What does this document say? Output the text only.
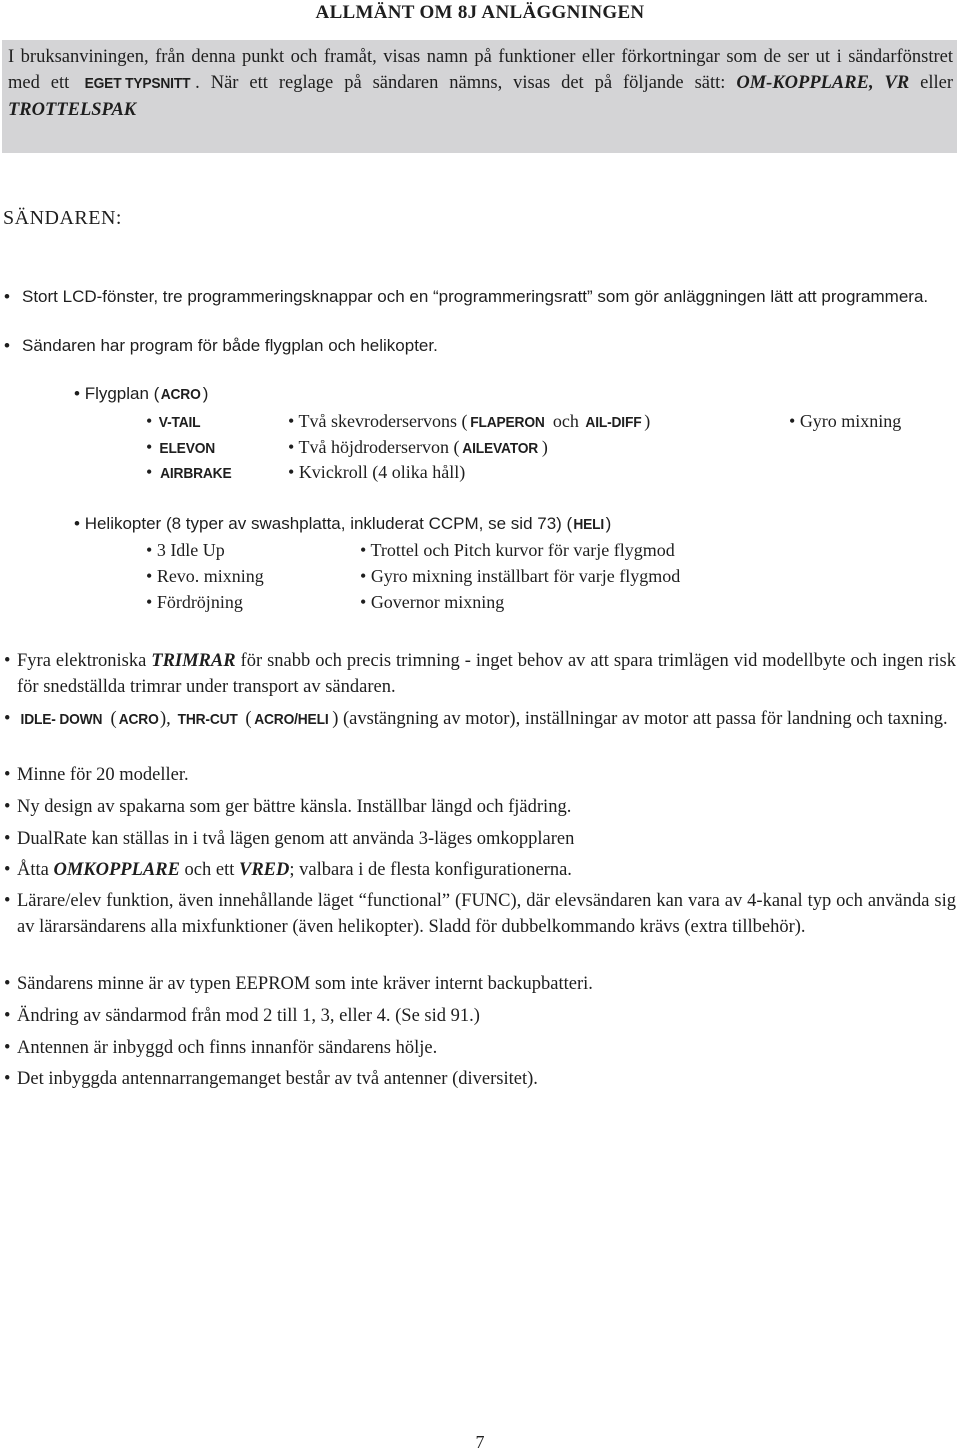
ALLMÄNT OM 8J ANLÄGGNINGEN

I bruksanviningen, från denna punkt och framåt, visas namn på funktioner eller förkortningar som de ser ut i sändarfönstret med ett EGET TYPSNITT . När ett reglage på sändaren nämns, visas det på följande sätt: OM-KOPPLARE, VR eller TROTTELSPAK

SÄNDAREN:
• Stort LCD-fönster, tre programmeringsknappar och en “programmeringsratt” som gör anläggningen lätt att programmera.
• Sändaren har program för både flygplan och helikopter.
• Flygplan ( ACRO )
• V-TAIL
• ELEVON
• AIRBRAKE
• Två skevroderservons ( FLAPERON och AIL-DIFF )
• Två höjdroderservon ( AILEVATOR )
• Kvickroll (4 olika håll)
• Gyro mixning
• Helikopter (8 typer av swashplatta, inkluderat CCPM, se sid 73) (HELI)
• 3 Idle Up
• Revo. mixning
• Fördröjning
• Trottel och Pitch kurvor för varje flygmod
• Gyro mixning inställbart för varje flygmod
• Governor mixning
• Fyra elektroniska TRIMRAR för snabb och precis trimning - inget behov av att spara trimlägen vid modellbyte och ingen risk för snedställda trimrar under transport av sändaren.
• IDLE- DOWN ( ACRO), THR-CUT ( ACRO/HELI ) (avstängning av motor), inställningar av motor att passa för landning och taxning.
• Minne för 20 modeller.
• Ny design av spakarna som ger bättre känsla. Inställbar längd och fjädring.
• DualRate kan ställas in i två lägen genom att använda 3-läges omkopplaren
• Åtta OMKOPPLARE och ett VRED; valbara i de flesta konfigurationerna.
• Lärare/elev funktion, även innehållande läget “functional” (FUNC), där elevsändaren kan vara av 4-kanal typ och använda sig av lärarsändarens alla mixfunktioner (även helikopter). Sladd för dubbelkommando krävs (extra tillbehör).
• Sändarens minne är av typen EEPROM som inte kräver internt backupbatteri.
• Ändring av sändarmod från mod 2 till 1, 3, eller 4. (Se sid 91.)
• Antennen är inbyggd och finns innanför sändarens hölje.
• Det inbyggda antennarrangemanget består av två antenner (diversitet).
7
